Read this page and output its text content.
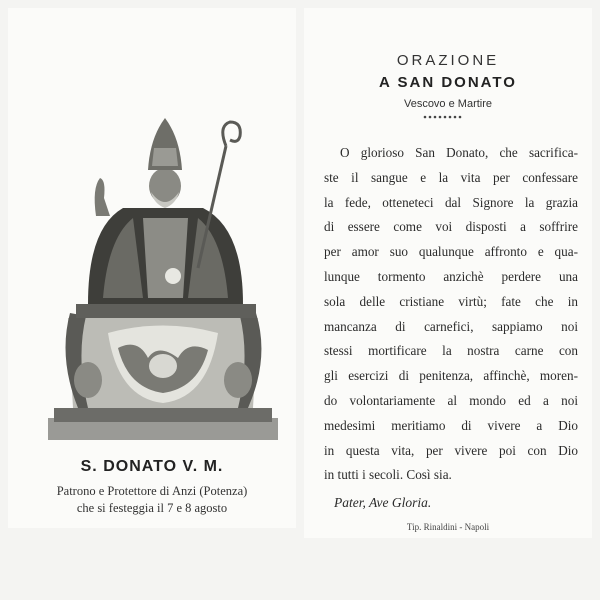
S. DONATO V. M.
Patrono e Protettore di Anzi (Potenza)
che si festeggia il 7 e 8 agosto
ORAZIONE
A SAN DONATO
Vescovo e Martire
O glorioso San Donato, che sacrifica-
ste il sangue e la vita per confessare
la fede, otteneteci dal Signore la grazia
di essere come voi disposti a soffrire
per amor suo qualunque affronto e qua-
lunque tormento anzichè perdere una
sola delle cristiane virtù; fate che in
mancanza di carnefici, sappiamo noi
stessi mortificare la nostra carne con
gli esercizi di penitenza, affinchè, moren-
do volontariamente al mondo ed a noi
medesimi meritiamo di vivere a Dio
in questa vita, per vivere poi con Dio
in tutti i secoli. Così sia.
Pater, Ave Gloria.
Tip. Rinaldini - Napoli
